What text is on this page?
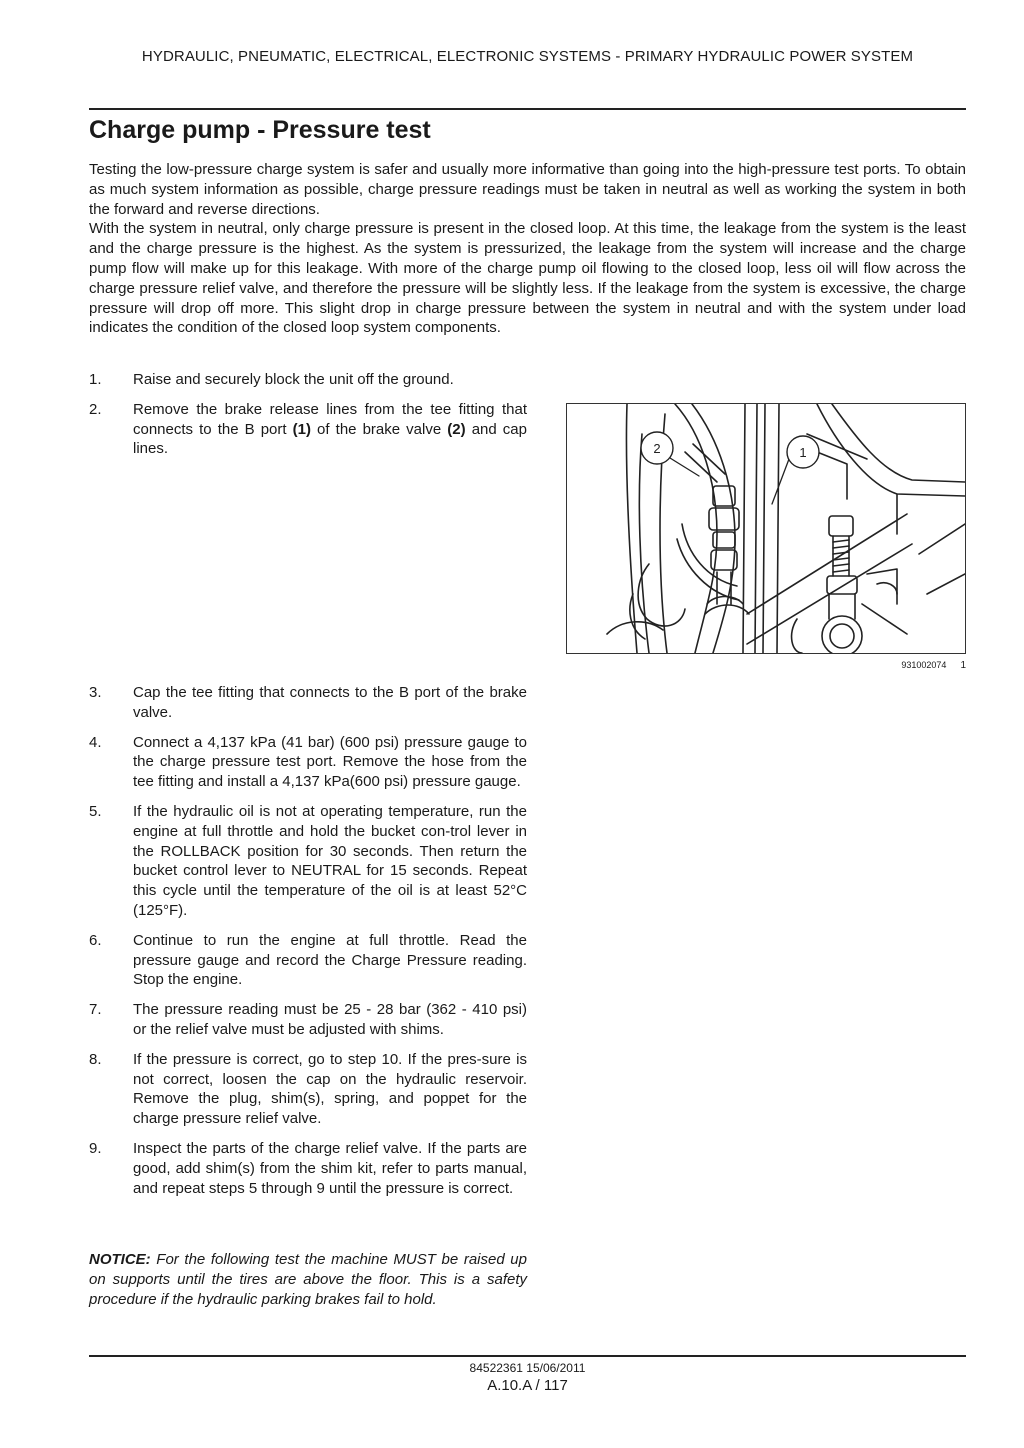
HYDRAULIC, PNEUMATIC, ELECTRICAL, ELECTRONIC SYSTEMS - PRIMARY HYDRAULIC POWER SYSTEM
Charge pump - Pressure test

Testing the low-pressure charge system is safer and usually more informative than going into the high-pressure test ports. To obtain as much system information as possible, charge pressure readings must be taken in neutral as well as working the system in both the forward and reverse directions.

With the system in neutral, only charge pressure is present in the closed loop. At this time, the leakage from the system is the least and the charge pressure is the highest. As the system is pressurized, the leakage from the system will increase and the charge pump flow will make up for this leakage. With more of the charge pump oil flowing to the closed loop, less oil will flow across the charge pressure relief valve, and therefore the pressure will be slightly less. If the leakage from the system is excessive, the charge pressure will drop off more. This slight drop in charge pressure between the system in neutral and with the system under load indicates the condition of the closed loop system components.

1. Raise and securely block the unit off the ground.
2. Remove the brake release lines from the tee fitting that connects to the B port (1) of the brake valve (2) and cap lines.	2	1
931002074 1
3. Cap the tee fitting that connects to the B port of the brake valve.
4. Connect a 4,137 kPa (41 bar) (600 psi) pressure gauge to the charge pressure test port. Remove the hose from the tee fitting and install a 4,137 kPa(600 psi) pressure gauge.
5. If the hydraulic oil is not at operating temperature, run the engine at full throttle and hold the bucket con-trol lever in the ROLLBACK position for 30 seconds. Then return the bucket control lever to NEUTRAL for 15 seconds. Repeat this cycle until the temperature of the oil is at least 52°C (125°F).
6. Continue to run the engine at full throttle. Read the pressure gauge and record the Charge Pressure reading. Stop the engine.
7. The pressure reading must be 25 - 28 bar (362 - 410 psi) or the relief valve must be adjusted with shims.
8. If the pressure is correct, go to step 10. If the pres-sure is not correct, loosen the cap on the hydraulic reservoir. Remove the plug, shim(s), spring, and poppet for the charge pressure relief valve.
9. Inspect the parts of the charge relief valve. If the parts are good, add shim(s) from the shim kit, refer to parts manual, and repeat steps 5 through 9 until the pressure is correct.

NOTICE: For the following test the machine MUST be raised up on supports until the tires are above the floor. This is a safety procedure if the hydraulic parking brakes fail to hold.

84522361 15/06/2011
A.10.A / 117
